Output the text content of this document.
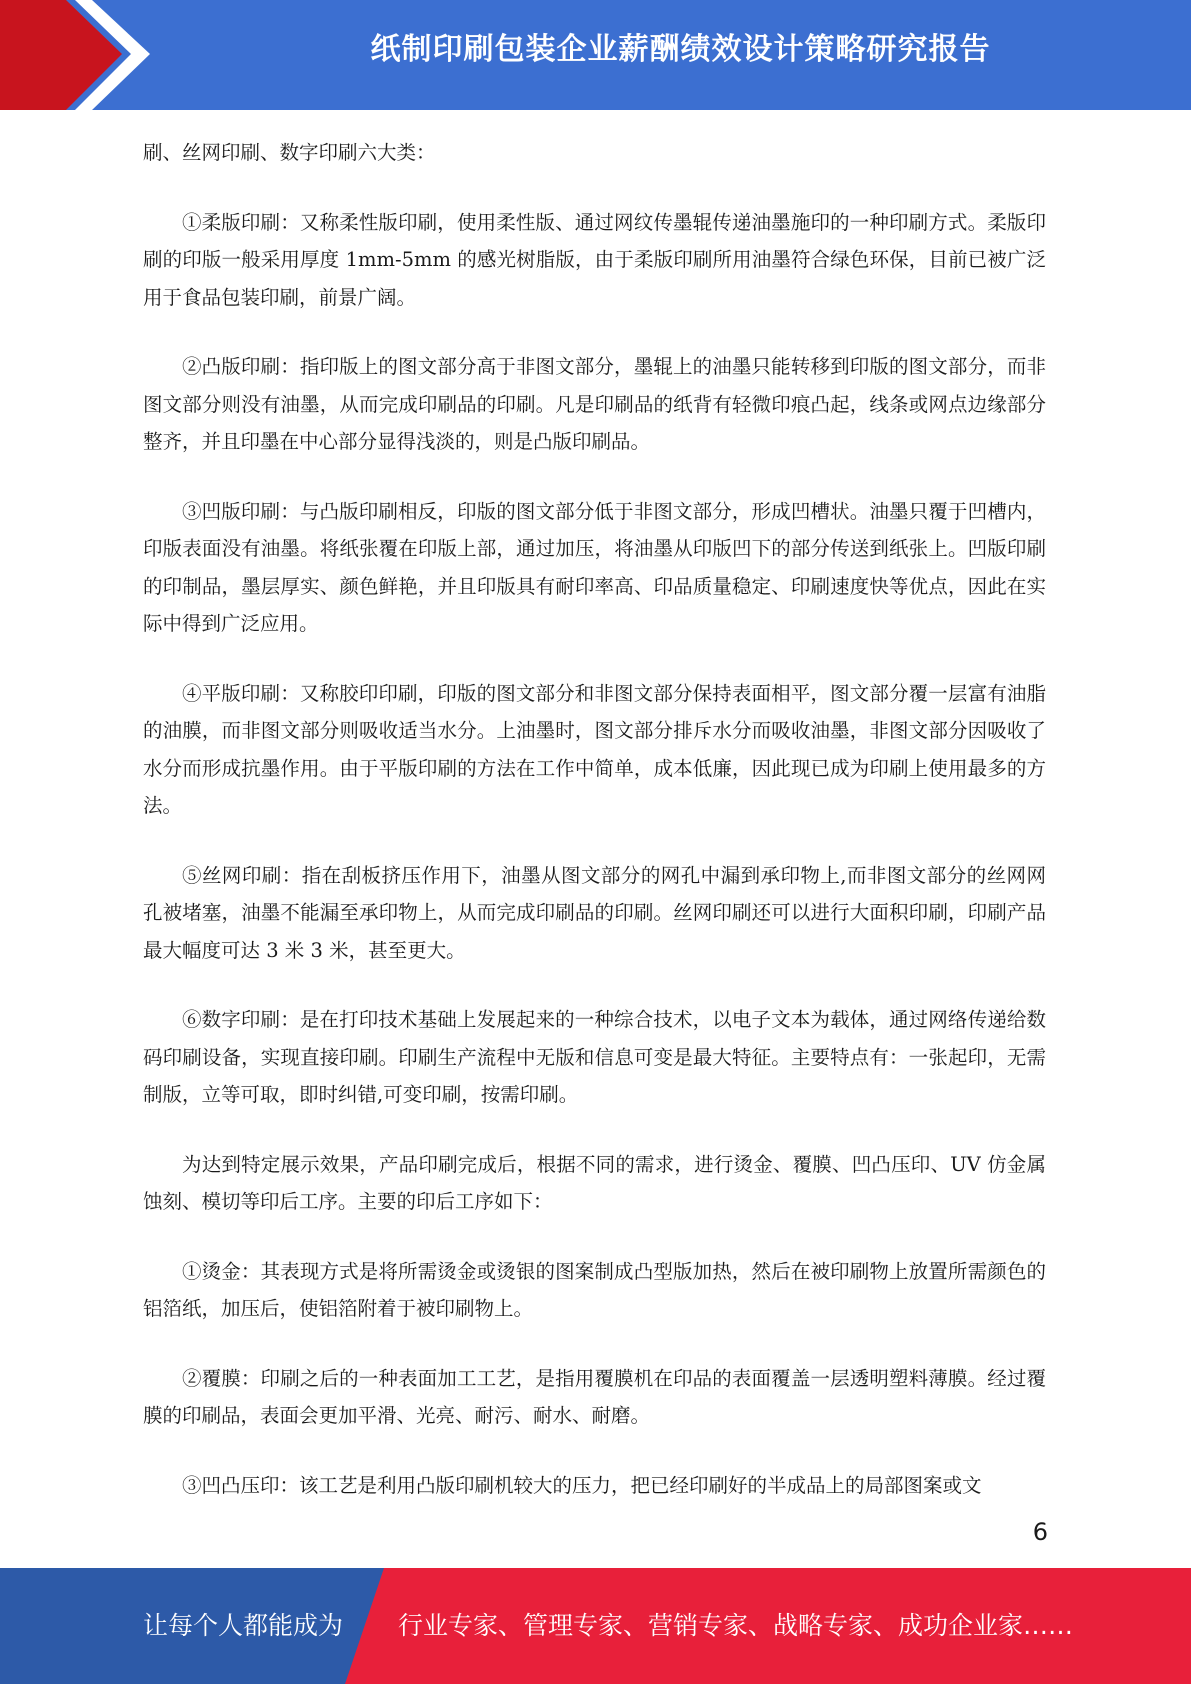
纸制印刷包装企业薪酬绩效设计策略研究报告

刷、丝网印刷、数字印刷六大类：

①柔版印刷：又称柔性版印刷，使用柔性版、通过网纹传墨辊传递油墨施印的一种印刷方式。柔版印刷的印版一般采用厚度 1mm-5mm 的感光树脂版，由于柔版印刷所用油墨符合绿色环保，目前已被广泛用于食品包装印刷，前景广阔。

②凸版印刷：指印版上的图文部分高于非图文部分，墨辊上的油墨只能转移到印版的图文部分，而非图文部分则没有油墨，从而完成印刷品的印刷。凡是印刷品的纸背有轻微印痕凸起，线条或网点边缘部分整齐，并且印墨在中心部分显得浅淡的，则是凸版印刷品。

③凹版印刷：与凸版印刷相反，印版的图文部分低于非图文部分，形成凹槽状。油墨只覆于凹槽内，印版表面没有油墨。将纸张覆在印版上部，通过加压，将油墨从印版凹下的部分传送到纸张上。凹版印刷的印制品，墨层厚实、颜色鲜艳，并且印版具有耐印率高、印品质量稳定、印刷速度快等优点，因此在实际中得到广泛应用。

④平版印刷：又称胶印印刷，印版的图文部分和非图文部分保持表面相平，图文部分覆一层富有油脂的油膜，而非图文部分则吸收适当水分。上油墨时，图文部分排斥水分而吸收油墨，非图文部分因吸收了水分而形成抗墨作用。由于平版印刷的方法在工作中简单，成本低廉，因此现已成为印刷上使用最多的方法。

⑤丝网印刷：指在刮板挤压作用下，油墨从图文部分的网孔中漏到承印物上,而非图文部分的丝网网孔被堵塞，油墨不能漏至承印物上，从而完成印刷品的印刷。丝网印刷还可以进行大面积印刷，印刷产品最大幅度可达 3 米 3 米，甚至更大。

⑥数字印刷：是在打印技术基础上发展起来的一种综合技术，以电子文本为载体，通过网络传递给数码印刷设备，实现直接印刷。印刷生产流程中无版和信息可变是最大特征。主要特点有：一张起印，无需制版，立等可取，即时纠错,可变印刷，按需印刷。

为达到特定展示效果，产品印刷完成后，根据不同的需求，进行烫金、覆膜、凹凸压印、UV 仿金属蚀刻、模切等印后工序。主要的印后工序如下：

①烫金：其表现方式是将所需烫金或烫银的图案制成凸型版加热，然后在被印刷物上放置所需颜色的铝箔纸，加压后，使铝箔附着于被印刷物上。

②覆膜：印刷之后的一种表面加工工艺，是指用覆膜机在印品的表面覆盖一层透明塑料薄膜。经过覆膜的印刷品，表面会更加平滑、光亮、耐污、耐水、耐磨。

③凹凸压印：该工艺是利用凸版印刷机较大的压力，把已经印刷好的半成品上的局部图案或文

6
让每个人都能成为 行业专家、管理专家、营销专家、战略专家、成功企业家……
